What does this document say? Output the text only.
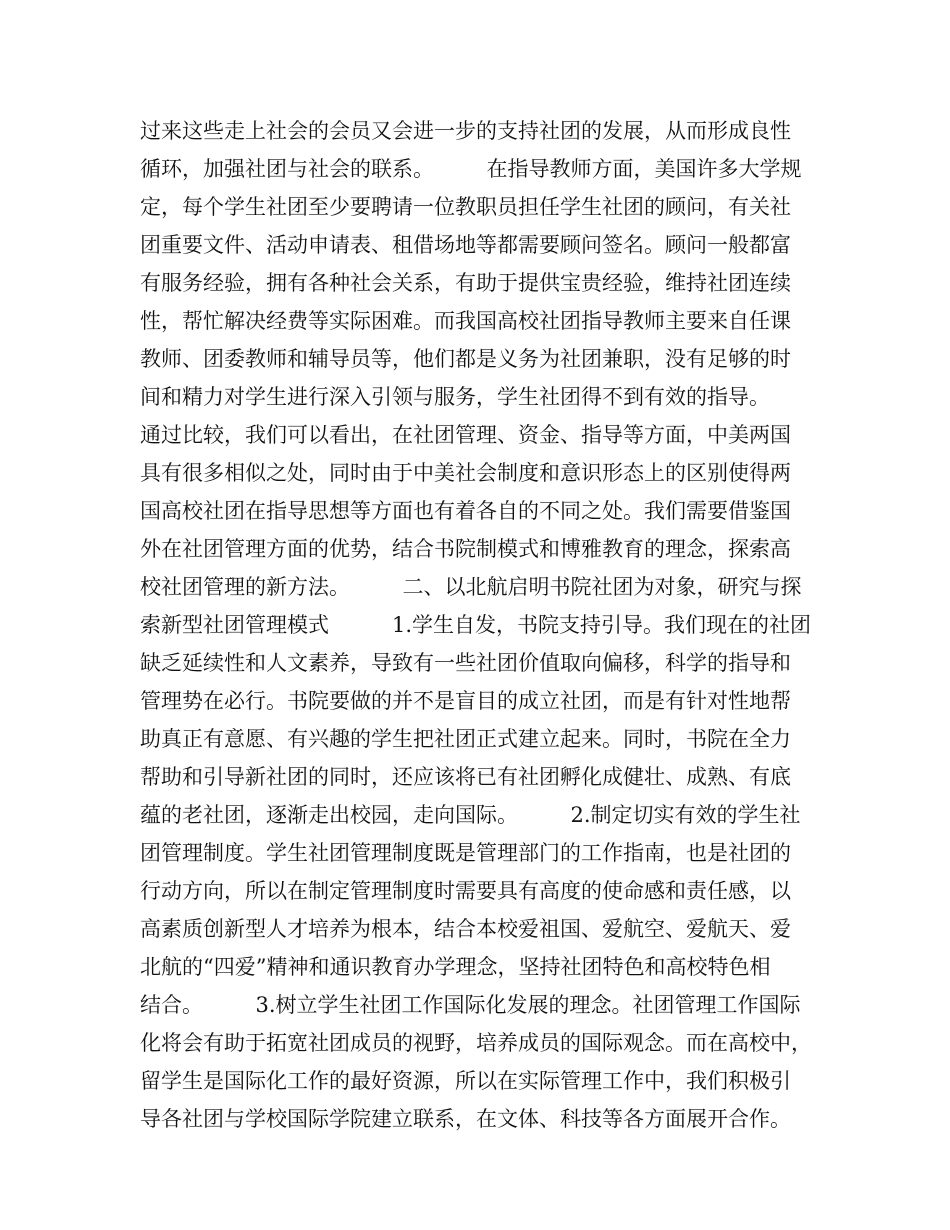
过来这些走上社会的会员又会进一步的支持社团的发展，从而形成良性
循环，加强社团与社会的联系。　　　在指导教师方面，美国许多大学规
定，每个学生社团至少要聘请一位教职员担任学生社团的顾问，有关社
团重要文件、活动申请表、租借场地等都需要顾问签名。顾问一般都富
有服务经验，拥有各种社会关系，有助于提供宝贵经验，维持社团连续
性，帮忙解决经费等实际困难。而我国高校社团指导教师主要来自任课
教师、团委教师和辅导员等，他们都是义务为社团兼职，没有足够的时
间和精力对学生进行深入引领与服务，学生社团得不到有效的指导。
通过比较，我们可以看出，在社团管理、资金、指导等方面，中美两国
具有很多相似之处，同时由于中美社会制度和意识形态上的区别使得两
国高校社团在指导思想等方面也有着各自的不同之处。我们需要借鉴国
外在社团管理方面的优势，结合书院制模式和博雅教育的理念，探索高
校社团管理的新方法。　　　二、以北航启明书院社团为对象，研究与探
索新型社团管理模式　　　1.学生自发，书院支持引导。我们现在的社团
缺乏延续性和人文素养，导致有一些社团价值取向偏移，科学的指导和
管理势在必行。书院要做的并不是盲目的成立社团，而是有针对性地帮
助真正有意愿、有兴趣的学生把社团正式建立起来。同时，书院在全力
帮助和引导新社团的同时，还应该将已有社团孵化成健壮、成熟、有底
蕴的老社团，逐渐走出校园，走向国际。　　　2.制定切实有效的学生社
团管理制度。学生社团管理制度既是管理部门的工作指南，也是社团的
行动方向，所以在制定管理制度时需要具有高度的使命感和责任感，以
高素质创新型人才培养为根本，结合本校爱祖国、爱航空、爱航天、爱
北航的“四爱”精神和通识教育办学理念，坚持社团特色和高校特色相
结合。　　　3.树立学生社团工作国际化发展的理念。社团管理工作国际
化将会有助于拓宽社团成员的视野，培养成员的国际观念。而在高校中，
留学生是国际化工作的最好资源，所以在实际管理工作中，我们积极引
导各社团与学校国际学院建立联系，在文体、科技等各方面展开合作。
